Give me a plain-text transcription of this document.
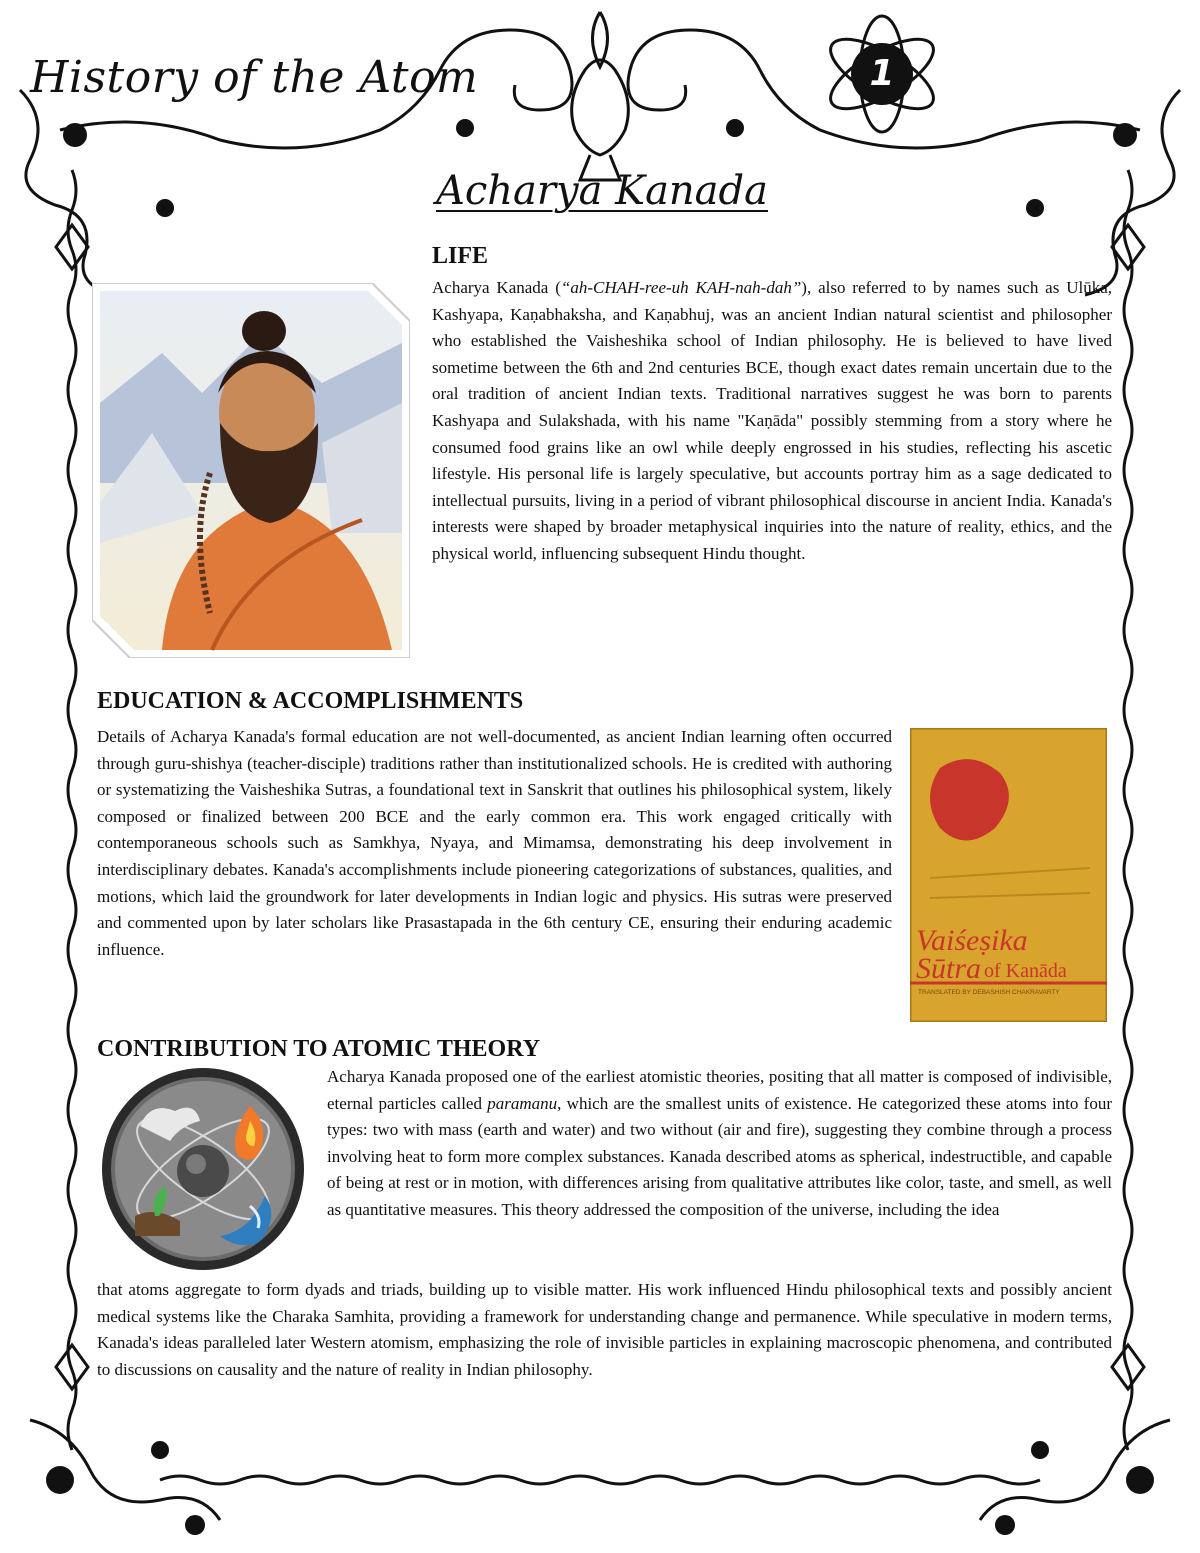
History of the Atom	1
Acharya Kanada
LIFE

Acharya Kanada (“ah-CHAH-ree-uh KAH-nah-dah”), also referred to by names such as Ulūka, Kashyapa, Kaṇabhaksha, and Kaṇabhuj, was an ancient Indian natural scientist and philosopher who established the Vaisheshika school of Indian philosophy. He is believed to have lived sometime between the 6th and 2nd centuries BCE, though exact dates remain uncertain due to the oral tradition of ancient Indian texts. Traditional narratives suggest he was born to parents Kashyapa and Sulakshada, with his name "Kaṇāda" possibly stemming from a story where he consumed food grains like an owl while deeply engrossed in his studies, reflecting his ascetic lifestyle. His personal life is largely speculative, but accounts portray him as a sage dedicated to intellectual pursuits, living in a period of vibrant philosophical discourse in ancient India. Kanada's interests were shaped by broader metaphysical inquiries into the nature of reality, ethics, and the physical world, influencing subsequent Hindu thought.

EDUCATION & ACCOMPLISHMENTS

Details of Acharya Kanada's formal education are not well-documented, as ancient Indian learning often occurred through guru-shishya (teacher-disciple) traditions rather than institutionalized schools. He is credited with authoring or systematizing the Vaisheshika Sutras, a foundational text in Sanskrit that outlines his philosophical system, likely composed or finalized between 200 BCE and the early common era. This work engaged critically with contemporaneous schools such as Samkhya, Nyaya, and Mimamsa, demonstrating his deep involvement in interdisciplinary debates. Kanada's accomplishments include pioneering categorizations of substances, qualities, and motions, which laid the groundwork for later developments in Indian logic and physics. His sutras were preserved and commented upon by later scholars like Prasastapada in the 6th century CE, ensuring their enduring academic influence.	Vaiśeṣika
Sūtra of Kanāda
TRANSLATED BY DEBASHISH CHAKRAVARTY
CONTRIBUTION TO ATOMIC THEORY

Acharya Kanada proposed one of the earliest atomistic theories, positing that all matter is composed of indivisible, eternal particles called paramanu, which are the smallest units of existence. He categorized these atoms into four types: two with mass (earth and water) and two without (air and fire), suggesting they combine through a process involving heat to form more complex substances. Kanada described atoms as spherical, indestructible, and capable of being at rest or in motion, with differences arising from qualitative attributes like color, taste, and smell, as well as quantitative measures. This theory addressed the composition of the universe, including the idea

that atoms aggregate to form dyads and triads, building up to visible matter. His work influenced Hindu philosophical texts and possibly ancient medical systems like the Charaka Samhita, providing a framework for understanding change and permanence. While speculative in modern terms, Kanada's ideas paralleled later Western atomism, emphasizing the role of invisible particles in explaining macroscopic phenomena, and contributed to discussions on causality and the nature of reality in Indian philosophy.
